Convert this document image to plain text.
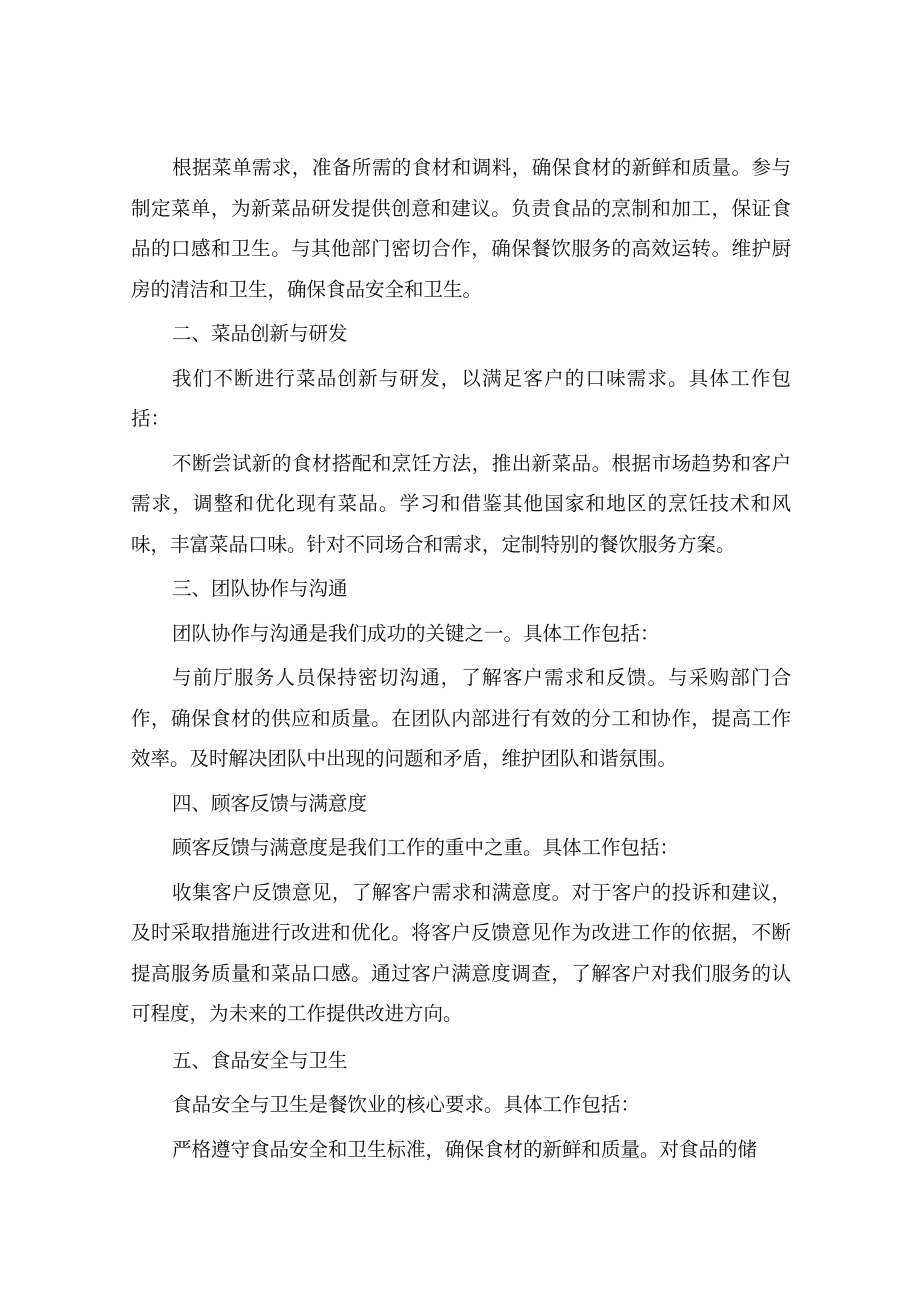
根据菜单需求，准备所需的食材和调料，确保食材的新鲜和质量。参与制定菜单，为新菜品研发提供创意和建议。负责食品的烹制和加工，保证食品的口感和卫生。与其他部门密切合作，确保餐饮服务的高效运转。维护厨房的清洁和卫生，确保食品安全和卫生。

二、菜品创新与研发

我们不断进行菜品创新与研发，以满足客户的口味需求。具体工作包括：

不断尝试新的食材搭配和烹饪方法，推出新菜品。根据市场趋势和客户需求，调整和优化现有菜品。学习和借鉴其他国家和地区的烹饪技术和风味，丰富菜品口味。针对不同场合和需求，定制特别的餐饮服务方案。

三、团队协作与沟通

团队协作与沟通是我们成功的关键之一。具体工作包括：

与前厅服务人员保持密切沟通，了解客户需求和反馈。与采购部门合作，确保食材的供应和质量。在团队内部进行有效的分工和协作，提高工作效率。及时解决团队中出现的问题和矛盾，维护团队和谐氛围。

四、顾客反馈与满意度

顾客反馈与满意度是我们工作的重中之重。具体工作包括：

收集客户反馈意见，了解客户需求和满意度。对于客户的投诉和建议，及时采取措施进行改进和优化。将客户反馈意见作为改进工作的依据，不断提高服务质量和菜品口感。通过客户满意度调查，了解客户对我们服务的认可程度，为未来的工作提供改进方向。

五、食品安全与卫生

食品安全与卫生是餐饮业的核心要求。具体工作包括：

严格遵守食品安全和卫生标准，确保食材的新鲜和质量。对食品的储
